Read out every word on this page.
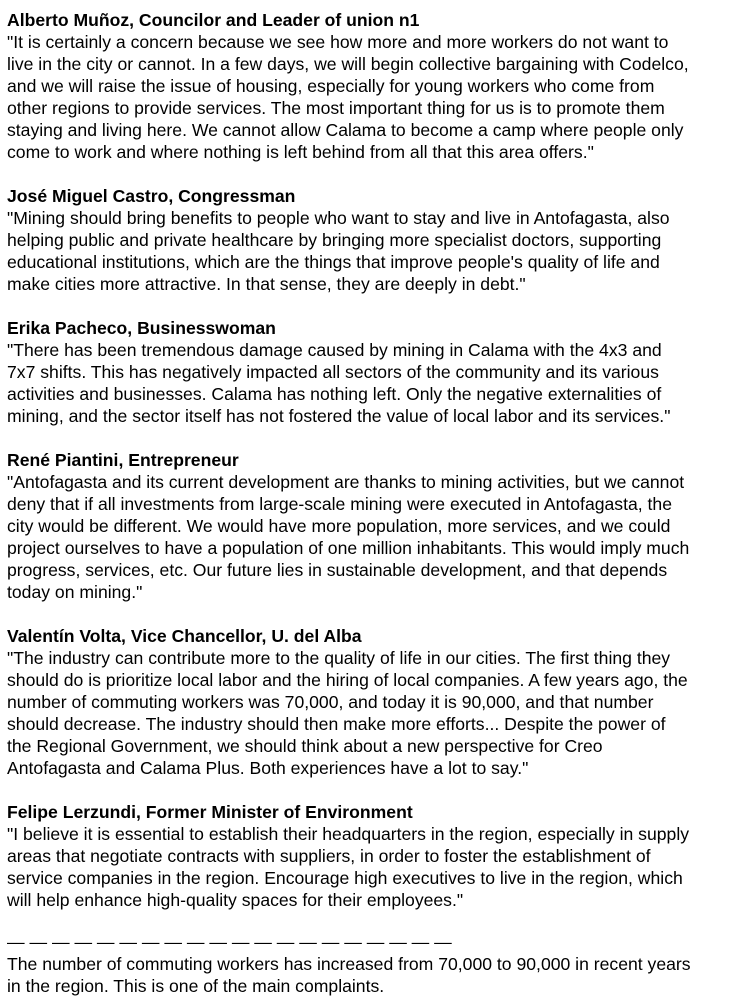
Alberto Muñoz, Councilor and Leader of union n1
"It is certainly a concern because we see how more and more workers do not want to
live in the city or cannot. In a few days, we will begin collective bargaining with Codelco,
and we will raise the issue of housing, especially for young workers who come from
other regions to provide services. The most important thing for us is to promote them
staying and living here. We cannot allow Calama to become a camp where people only
come to work and where nothing is left behind from all that this area offers."
José Miguel Castro, Congressman
"Mining should bring benefits to people who want to stay and live in Antofagasta, also
helping public and private healthcare by bringing more specialist doctors, supporting
educational institutions, which are the things that improve people's quality of life and
make cities more attractive. In that sense, they are deeply in debt."
Erika Pacheco, Businesswoman
"There has been tremendous damage caused by mining in Calama with the 4x3 and
7x7 shifts. This has negatively impacted all sectors of the community and its various
activities and businesses. Calama has nothing left. Only the negative externalities of
mining, and the sector itself has not fostered the value of local labor and its services."
René Piantini, Entrepreneur
"Antofagasta and its current development are thanks to mining activities, but we cannot
deny that if all investments from large-scale mining were executed in Antofagasta, the
city would be different. We would have more population, more services, and we could
project ourselves to have a population of one million inhabitants. This would imply much
progress, services, etc. Our future lies in sustainable development, and that depends
today on mining."
Valentín Volta, Vice Chancellor, U. del Alba
"The industry can contribute more to the quality of life in our cities. The first thing they
should do is prioritize local labor and the hiring of local companies. A few years ago, the
number of commuting workers was 70,000, and today it is 90,000, and that number
should decrease. The industry should then make more efforts... Despite the power of
the Regional Government, we should think about a new perspective for Creo
Antofagasta and Calama Plus. Both experiences have a lot to say."
Felipe Lerzundi, Former Minister of Environment
"I believe it is essential to establish their headquarters in the region, especially in supply
areas that negotiate contracts with suppliers, in order to foster the establishment of
service companies in the region. Encourage high executives to live in the region, which
will help enhance high-quality spaces for their employees."
— — — — — — — — — — — — — — — — — — — —
The number of commuting workers has increased from 70,000 to 90,000 in recent years
in the region. This is one of the main complaints.
